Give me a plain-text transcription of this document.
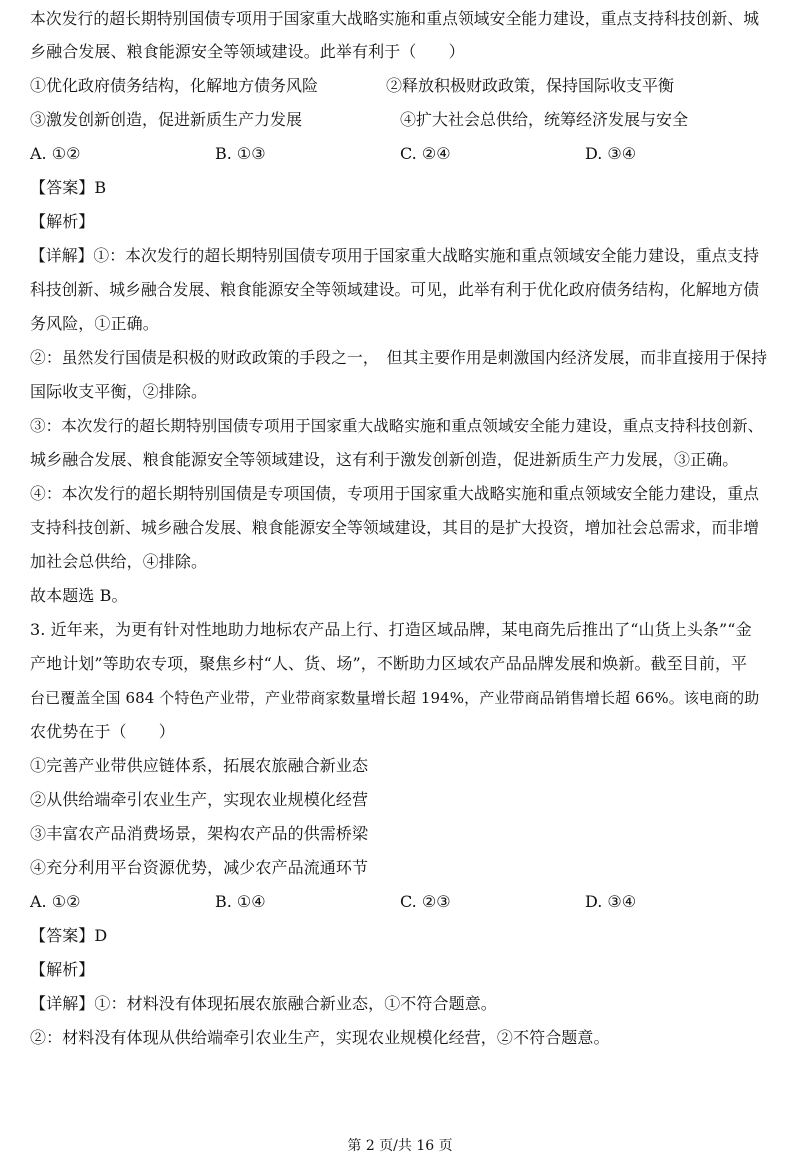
本次发行的超长期特别国债专项用于国家重大战略实施和重点领域安全能力建设，重点支持科技创新、城
乡融合发展、粮食能源安全等领域建设。此举有利于（　　）
①优化政府债务结构，化解地方债务风险	②释放积极财政政策，保持国际收支平衡
③激发创新创造，促进新质生产力发展	④扩大社会总供给，统筹经济发展与安全
A. ①②	B. ①③	C. ②④	D. ③④
【答案】B
【解析】
【详解】①：本次发行的超长期特别国债专项用于国家重大战略实施和重点领域安全能力建设，重点支持
科技创新、城乡融合发展、粮食能源安全等领域建设。可见，此举有利于优化政府债务结构，化解地方债
务风险，①正确。
②：虽然发行国债是积极的财政政策的手段之一，　但其主要作用是刺激国内经济发展，而非直接用于保持
国际收支平衡，②排除。
③：本次发行的超长期特别国债专项用于国家重大战略实施和重点领域安全能力建设，重点支持科技创新、
城乡融合发展、粮食能源安全等领域建设，这有利于激发创新创造，促进新质生产力发展，③正确。
④：本次发行的超长期特别国债是专项国债，专项用于国家重大战略实施和重点领域安全能力建设，重点
支持科技创新、城乡融合发展、粮食能源安全等领域建设，其目的是扩大投资，增加社会总需求，而非增
加社会总供给，④排除。
故本题选 B。
3. 近年来，为更有针对性地助力地标农产品上行、打造区域品牌，某电商先后推出了“山货上头条”“金
产地计划”等助农专项，聚焦乡村“人、货、场”，不断助力区域农产品品牌发展和焕新。截至目前，平
台已覆盖全国 684 个特色产业带，产业带商家数量增长超 194%，产业带商品销售增长超 66%。该电商的助
农优势在于（　　）
①完善产业带供应链体系，拓展农旅融合新业态
②从供给端牵引农业生产，实现农业规模化经营
③丰富农产品消费场景，架构农产品的供需桥梁
④充分利用平台资源优势，减少农产品流通环节
A. ①②	B. ①④	C. ②③	D. ③④
【答案】D
【解析】
【详解】①：材料没有体现拓展农旅融合新业态，①不符合题意。
②：材料没有体现从供给端牵引农业生产，实现农业规模化经营，②不符合题意。
第 2 页/共 16 页
